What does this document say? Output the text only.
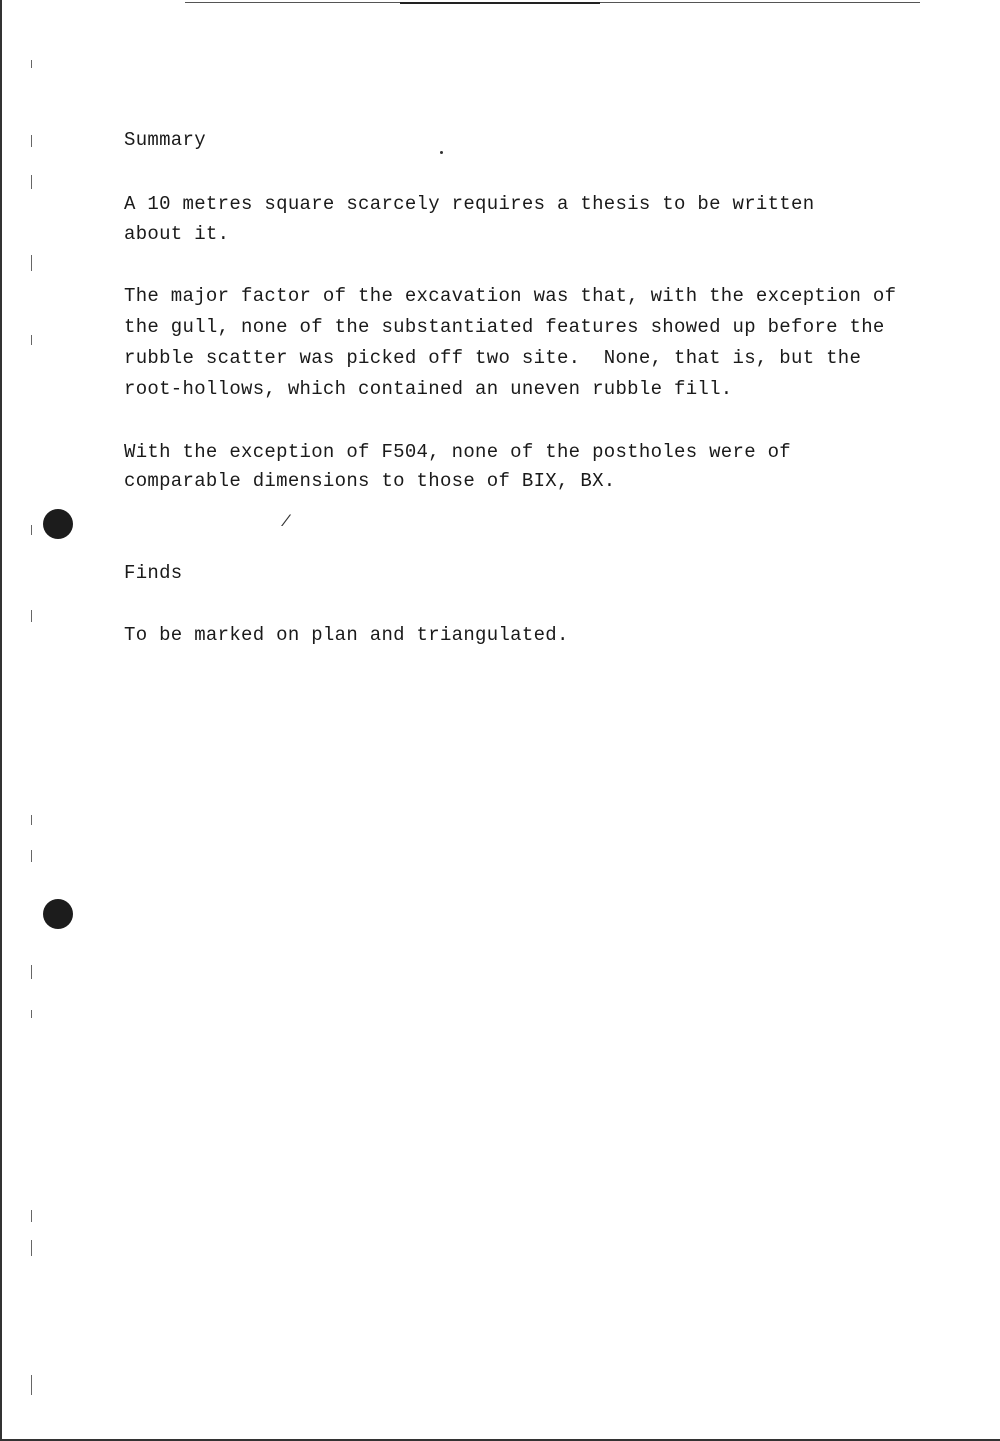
Summary
A 10 metres square scarcely requires a thesis to be written
about it.
The major factor of the excavation was that, with the exception of
the gull, none of the substantiated features showed up before the
rubble scatter was picked off two site.  None, that is, but the
root-hollows, which contained an uneven rubble fill.
With the exception of F504, none of the postholes were of
comparable dimensions to those of BIX, BX.
/
Finds
To be marked on plan and triangulated.
